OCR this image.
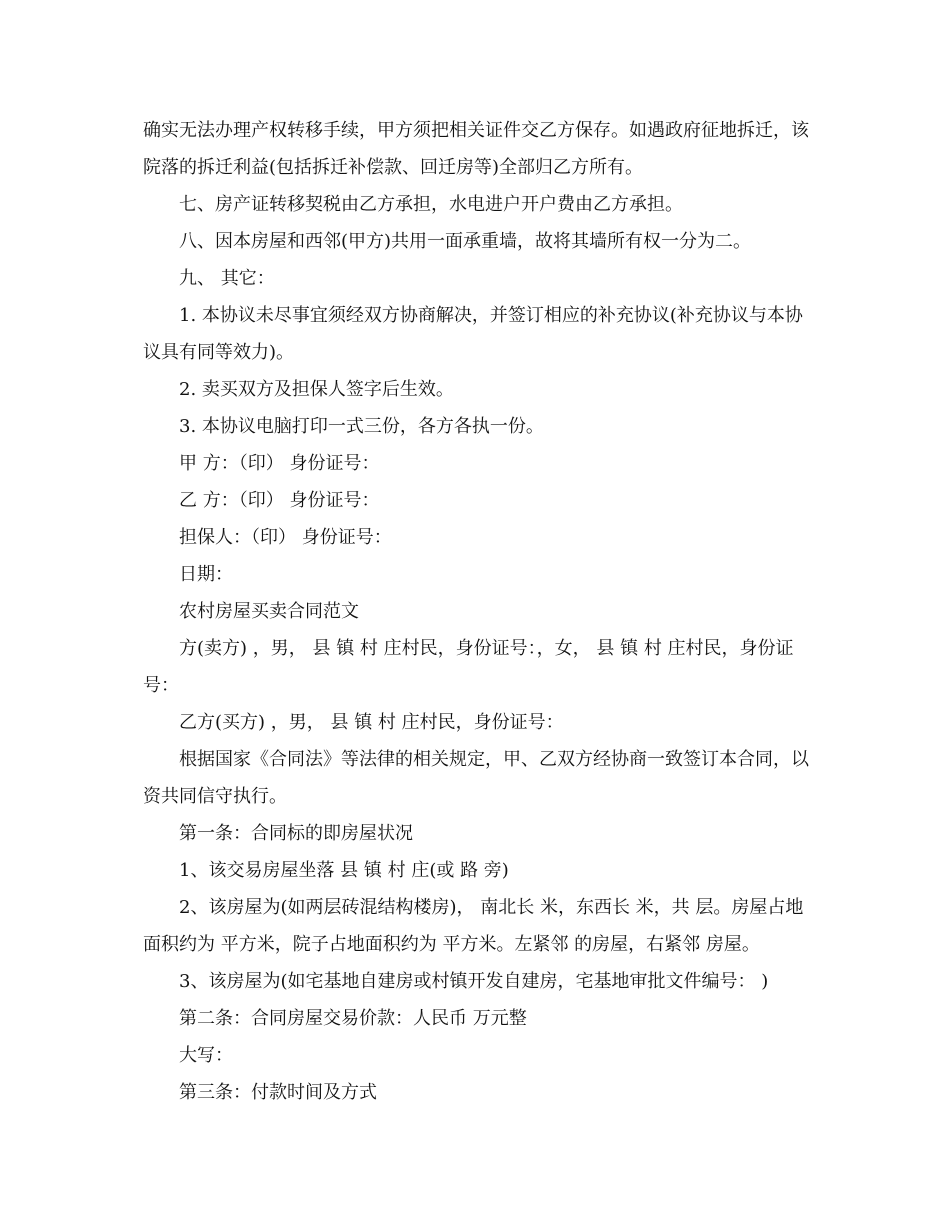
确实无法办理产权转移手续，甲方须把相关证件交乙方保存。如遇政府征地拆迁，该院落的拆迁利益(包括拆迁补偿款、回迁房等)全部归乙方所有。

七、房产证转移契税由乙方承担，水电进户开户费由乙方承担。

八、因本房屋和西邻(甲方)共用一面承重墙，故将其墙所有权一分为二。

九、 其它：

1. 本协议未尽事宜须经双方协商解决，并签订相应的补充协议(补充协议与本协议具有同等效力)。

2. 卖买双方及担保人签字后生效。

3. 本协议电脑打印一式三份，各方各执一份。

甲 方：（印） 身份证号：

乙 方：（印） 身份证号：

担保人：（印） 身份证号：

日期：

农村房屋买卖合同范文

方(卖方) ，男， 县 镇 村 庄村民，身份证号：，女， 县 镇 村 庄村民，身份证号：

乙方(买方) ，男， 县 镇 村 庄村民，身份证号：

根据国家《合同法》等法律的相关规定，甲、乙双方经协商一致签订本合同，以资共同信守执行。

第一条：合同标的即房屋状况

1、该交易房屋坐落 县 镇 村 庄(或 路 旁)

2、该房屋为(如两层砖混结构楼房)， 南北长 米，东西长 米，共 层。房屋占地面积约为 平方米，院子占地面积约为 平方米。左紧邻 的房屋，右紧邻 房屋。

3、该房屋为(如宅基地自建房或村镇开发自建房，宅基地审批文件编号： )

第二条：合同房屋交易价款：人民币 万元整

大写：

第三条：付款时间及方式
